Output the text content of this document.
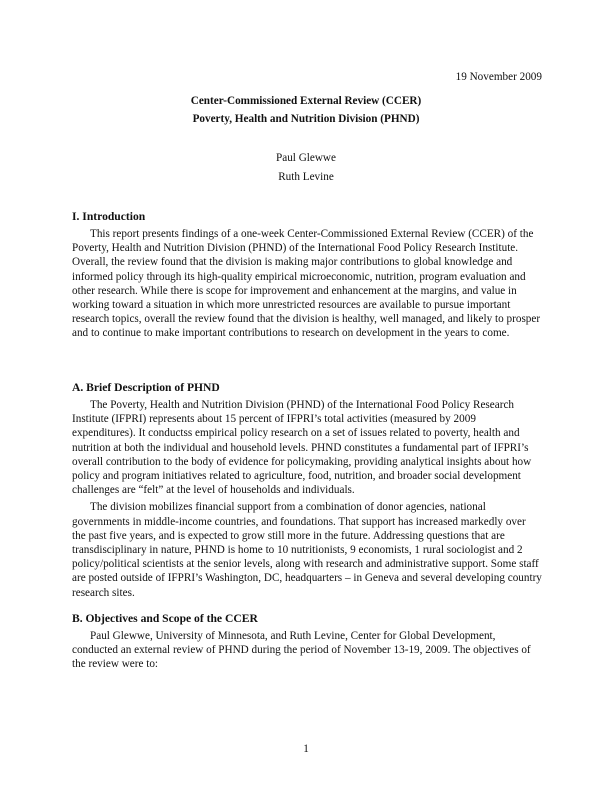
19 November 2009
Center-Commissioned External Review (CCER)
Poverty, Health and Nutrition Division (PHND)
Paul Glewwe
Ruth Levine
I. Introduction

This report presents findings of a one-week Center-Commissioned External Review (CCER) of the Poverty, Health and Nutrition Division (PHND) of the International Food Policy Research Institute. Overall, the review found that the division is making major contributions to global knowledge and informed policy through its high-quality empirical microeconomic, nutrition, program evaluation and other research. While there is scope for improvement and enhancement at the margins, and value in working toward a situation in which more unrestricted resources are available to pursue important research topics, overall the review found that the division is healthy, well managed, and likely to prosper and to continue to make important contributions to research on development in the years to come.

A. Brief Description of PHND

The Poverty, Health and Nutrition Division (PHND) of the International Food Policy Research Institute (IFPRI) represents about 15 percent of IFPRI’s total activities (measured by 2009 expenditures). It conductss empirical policy research on a set of issues related to poverty, health and nutrition at both the individual and household levels. PHND constitutes a fundamental part of IFPRI’s overall contribution to the body of evidence for policymaking, providing analytical insights about how policy and program initiatives related to agriculture, food, nutrition, and broader social development challenges are “felt” at the level of households and individuals.

The division mobilizes financial support from a combination of donor agencies, national governments in middle-income countries, and foundations. That support has increased markedly over the past five years, and is expected to grow still more in the future. Addressing questions that are transdisciplinary in nature, PHND is home to 10 nutritionists, 9 economists, 1 rural sociologist and 2 policy/political scientists at the senior levels, along with research and administrative support. Some staff are posted outside of IFPRI’s Washington, DC, headquarters – in Geneva and several developing country research sites.

B. Objectives and Scope of the CCER

Paul Glewwe, University of Minnesota, and Ruth Levine, Center for Global Development, conducted an external review of PHND during the period of November 13-19, 2009. The objectives of the review were to:

1
